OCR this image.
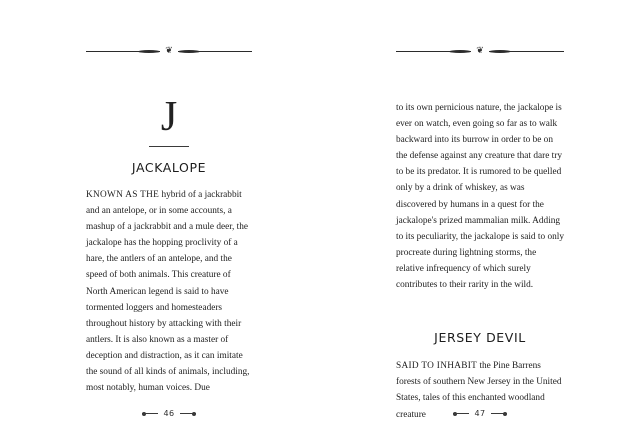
❦
J
JACKALOPE

KNOWN AS THE hybrid of a jackrabbit and an antelope, or in some accounts, a mashup of a jackrabbit and a mule deer, the jackalope has the hopping proclivity of a hare, the antlers of an antelope, and the speed of both animals. This creature of North American legend is said to have tormented loggers and homesteaders throughout history by attacking with their antlers. It is also known as a master of deception and distraction, as it can imitate the sound of all kinds of animals, including, most notably, human voices. Due

46
❦

to its own pernicious nature, the jackalope is ever on watch, even going so far as to walk backward into its burrow in order to be on the defense against any creature that dare try to be its predator. It is rumored to be quelled only by a drink of whiskey, as was discovered by humans in a quest for the jackalope's prized mammalian milk. Adding to its peculiarity, the jackalope is said to only procreate during lightning storms, the relative infrequency of which surely contributes to their rarity in the wild.

JERSEY DEVIL

SAID TO INHABIT the Pine Barrens forests of southern New Jersey in the United States, tales of this enchanted woodland creature	47
